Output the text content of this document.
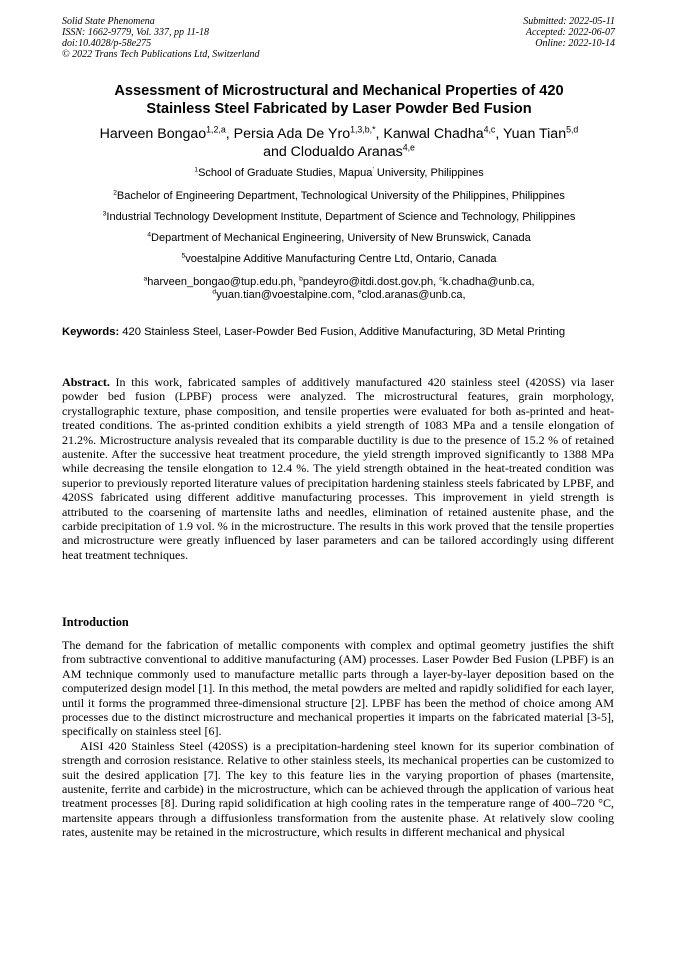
Solid State Phenomena
ISSN: 1662-9779, Vol. 337, pp 11-18
doi:10.4028/p-58e275
© 2022 Trans Tech Publications Ltd, Switzerland
Submitted: 2022-05-11
Accepted: 2022-06-07
Online: 2022-10-14
Assessment of Microstructural and Mechanical Properties of 420
Stainless Steel Fabricated by Laser Powder Bed Fusion
Harveen Bongao$^{1,2,a}$, Persia Ada De Yro$^{1,3,b,*}$, Kanwal Chadha$^{4,c}$, Yuan Tian$^{5,d}$
and Clodualdo Aranas$^{4,e}$
$^1$School of Graduate Studies, Mapua’ University, Philippines
$^2$Bachelor of Engineering Department, Technological University of the Philippines, Philippines
$^3$Industrial Technology Development Institute, Department of Science and Technology, Philippines
$^4$Department of Mechanical Engineering, University of New Brunswick, Canada
$^5$voestalpine Additive Manufacturing Centre Ltd, Ontario, Canada
$^a$harveen_bongao@tup.edu.ph, $^b$pandeyro@itdi.dost.gov.ph, $^c$k.chadha@unb.ca,
$^d$yuan.tian@voestalpine.com, $^e$clod.aranas@unb.ca,
Keywords: 420 Stainless Steel, Laser-Powder Bed Fusion, Additive Manufacturing, 3D Metal Printing
Abstract. In this work, fabricated samples of additively manufactured 420 stainless steel (420SS) via laser powder bed fusion (LPBF) process were analyzed. The microstructural features, grain morphology, crystallographic texture, phase composition, and tensile properties were evaluated for both as-printed and heat-treated conditions. The as-printed condition exhibits a yield strength of 1083 MPa and a tensile elongation of 21.2%. Microstructure analysis revealed that its comparable ductility is due to the presence of 15.2 % of retained austenite. After the successive heat treatment procedure, the yield strength improved significantly to 1388 MPa while decreasing the tensile elongation to 12.4 %. The yield strength obtained in the heat-treated condition was superior to previously reported literature values of precipitation hardening stainless steels fabricated by LPBF, and 420SS fabricated using different additive manufacturing processes. This improvement in yield strength is attributed to the coarsening of martensite laths and needles, elimination of retained austenite phase, and the carbide precipitation of 1.9 vol. % in the microstructure. The results in this work proved that the tensile properties and microstructure were greatly influenced by laser parameters and can be tailored accordingly using different heat treatment techniques.
Introduction

The demand for the fabrication of metallic components with complex and optimal geometry justifies the shift from subtractive conventional to additive manufacturing (AM) processes. Laser Powder Bed Fusion (LPBF) is an AM technique commonly used to manufacture metallic parts through a layer-by-layer deposition based on the computerized design model [1]. In this method, the metal powders are melted and rapidly solidified for each layer, until it forms the programmed three-dimensional structure [2]. LPBF has been the method of choice among AM processes due to the distinct microstructure and mechanical properties it imparts on the fabricated material [3-5], specifically on stainless steel [6].

AISI 420 Stainless Steel (420SS) is a precipitation-hardening steel known for its superior combination of strength and corrosion resistance. Relative to other stainless steels, its mechanical properties can be customized to suit the desired application [7]. The key to this feature lies in the varying proportion of phases (martensite, austenite, ferrite and carbide) in the microstructure, which can be achieved through the application of various heat treatment processes [8]. During rapid solidification at high cooling rates in the temperature range of 400–720 °C, martensite appears through a diffusionless transformation from the austenite phase. At relatively slow cooling rates, austenite may be retained in the microstructure, which results in different mechanical and physical
